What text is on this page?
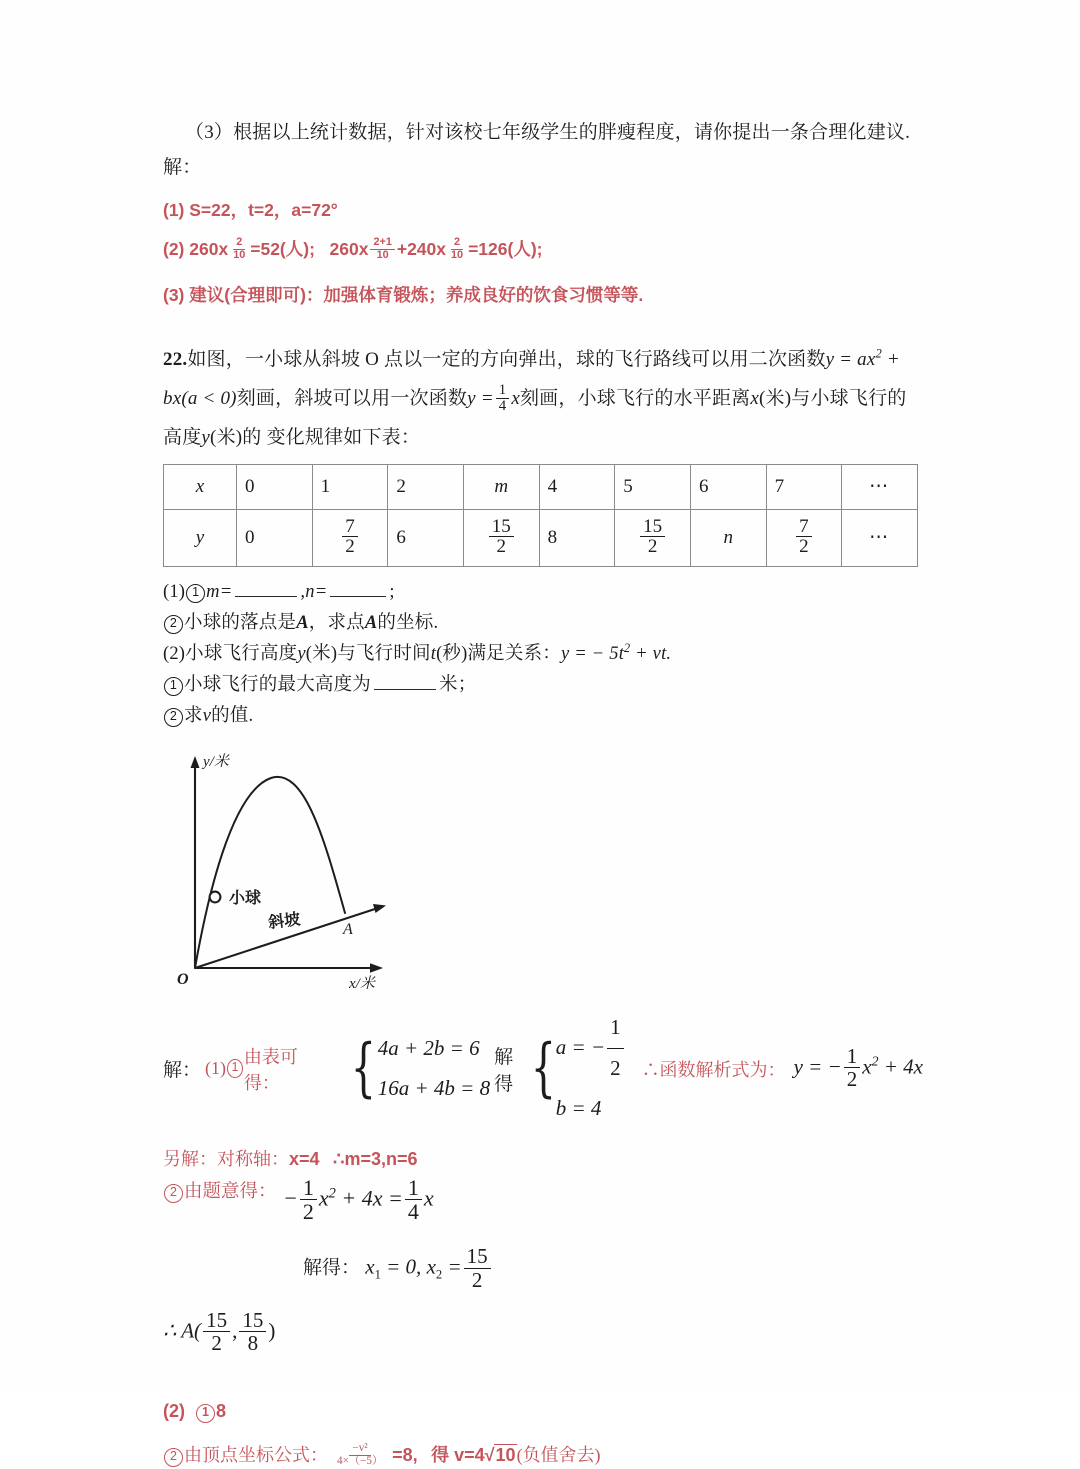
（3）根据以上统计数据，针对该校七年级学生的胖瘦程度，请你提出一条合理化建议.
解：
(1) S=22，t=2，a=72°
(2) $260x \frac{2}{10} =52$(人); $260x \frac{2+1}{10} +240x \frac{2}{10} =126$(人);
(3) 建议(合理即可)：加强体育锻炼；养成良好的饮食习惯等等.
22.如图，一小球从斜坡 O 点以一定的方向弹出，球的飞行路线可以用二次函数$y = ax^2$ +
bx(a < 0)刻画，斜坡可以用一次函数$y = \frac{1}{4}$ x刻画，小球飞行的水平距离x(米)与小球飞行的
高度y(米)的 变化规律如下表：
x	0	1	2	m	4	5	6	7	⋯
y	0	$\frac{7}{2}$	6	$\frac{15}{2}$	8	$\frac{15}{2}$	n	$\frac{7}{2}$	⋯
(1) 1 m=	,n=	;
2 小球的落点是A，求点A的坐标.
(2)小球飞行高度y(米)与飞行时间t(秒)满足关系：y = − $5t^2$ + vt.
1 小球飞行的最大高度为	米；
2 求v的值.
y/米
x/米
O
小球
斜坡	A
解： (1) 1
由表可得：	{ 4a + 2b = 6
16a + 4b = 8
解得 { a = − $\frac{1}{2}$
b = 4
∴函数解析式为： y = − $\frac{1}{2} x^2 + 4x$
另解：对称轴：x=4 ∴m=3,n=6
2 由题意得： − $\frac{1}{2} x^2 + 4x = \frac{1}{4}$ x
解得： $x_1 = 0$, $x_2 = \frac{15}{2}$
∴ $A( \frac{15}{2}$ , $\frac{15}{8}$ )
(2) 1 8
2 由顶点坐标公式： $\frac{\text{−v²}}{4\times(-5)} =8$, 得 v=4√10(负值舍去)
